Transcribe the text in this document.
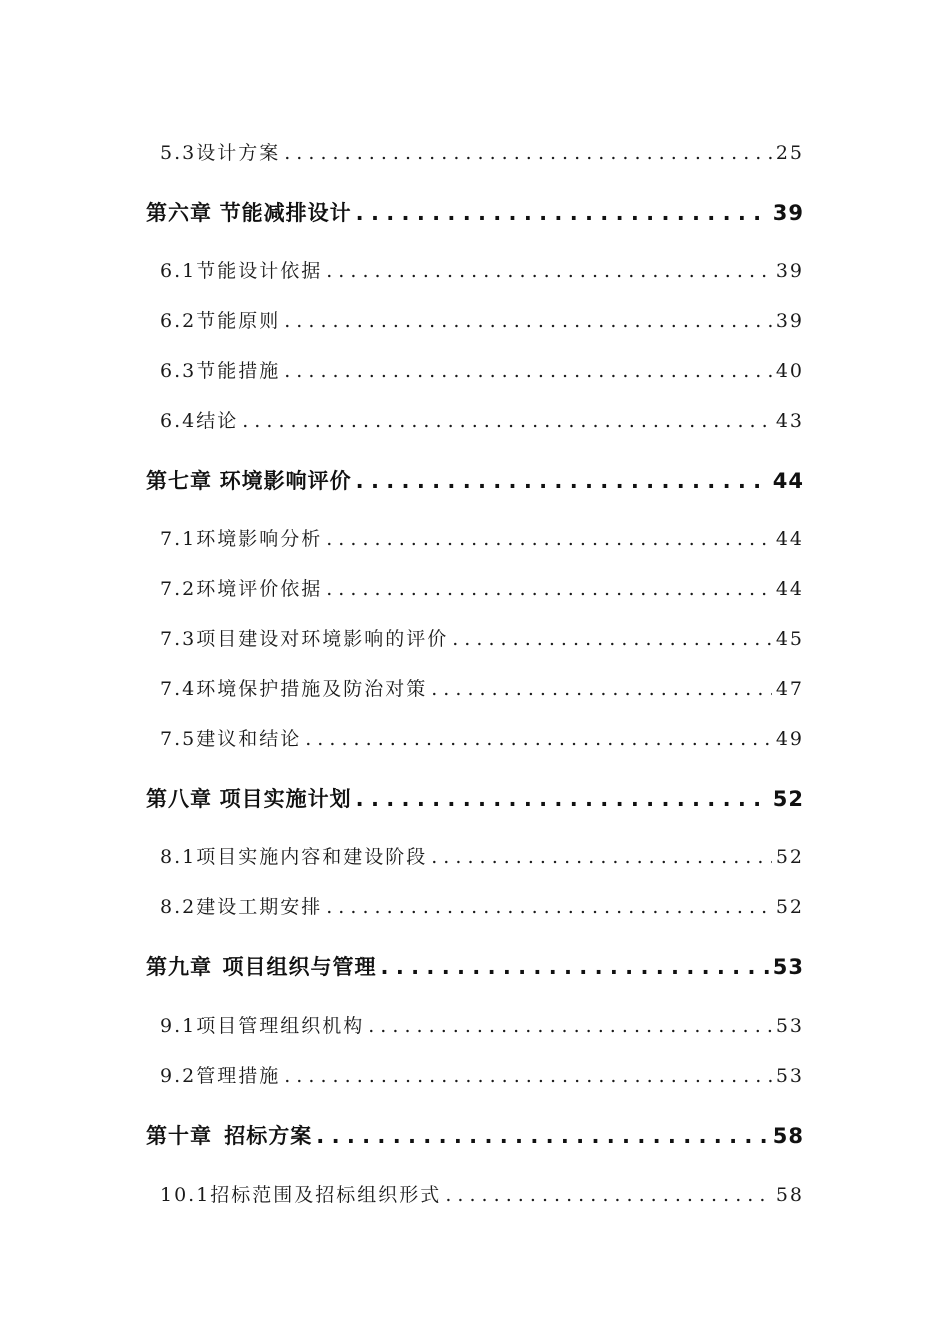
5.3设计方案 . . .	25
第六章 节能减排设计 . . .	39
6.1节能设计依据 . . .	39
6.2节能原则 . . .	39
6.3节能措施 . . .	40
6.4结论 . . .	43
第七章 环境影响评价 . . .	44
7.1环境影响分析 . . .	44
7.2环境评价依据 . . .	44
7.3项目建设对环境影响的评价 . . .	45
7.4环境保护措施及防治对策 . . .	47
7.5建议和结论 . . .	49
第八章 项目实施计划 . . .	52
8.1项目实施内容和建设阶段 . . .	52
8.2建设工期安排 . . .	52
第九章 项目组织与管理 . . .	53
9.1项目管理组织机构 . . .	53
9.2管理措施 . . .	53
第十章 招标方案 . . .	58
10.1招标范围及招标组织形式 . . .	58
